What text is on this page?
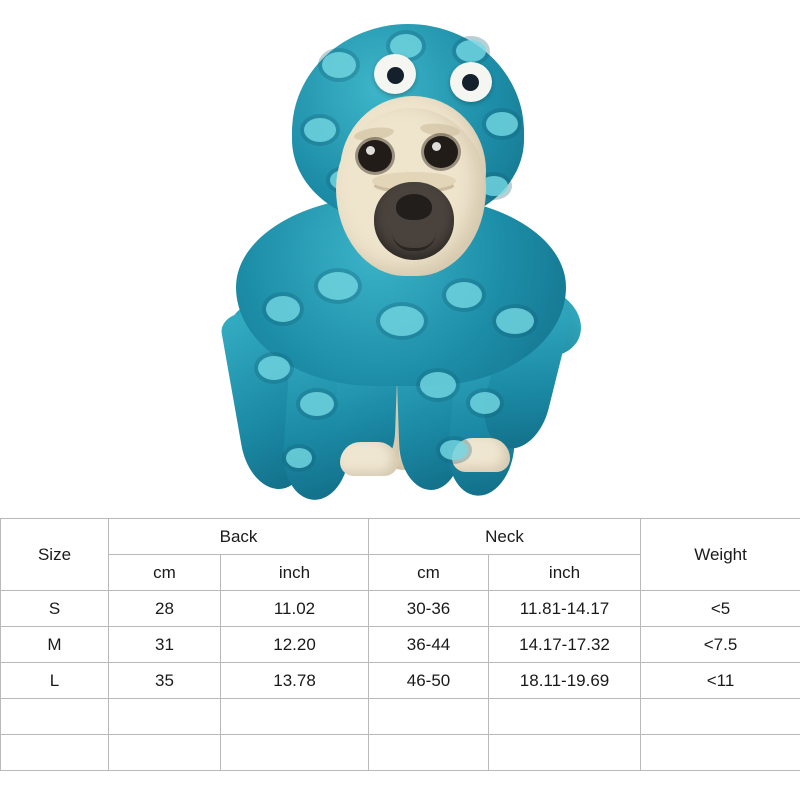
Size	Back		Neck		Weight
	cm	inch	cm	inch	
S	28	11.02	30-36	11.81-14.17	<5
M	31	12.20	36-44	14.17-17.32	<7.5
L	35	13.78	46-50	18.11-19.69	<11
